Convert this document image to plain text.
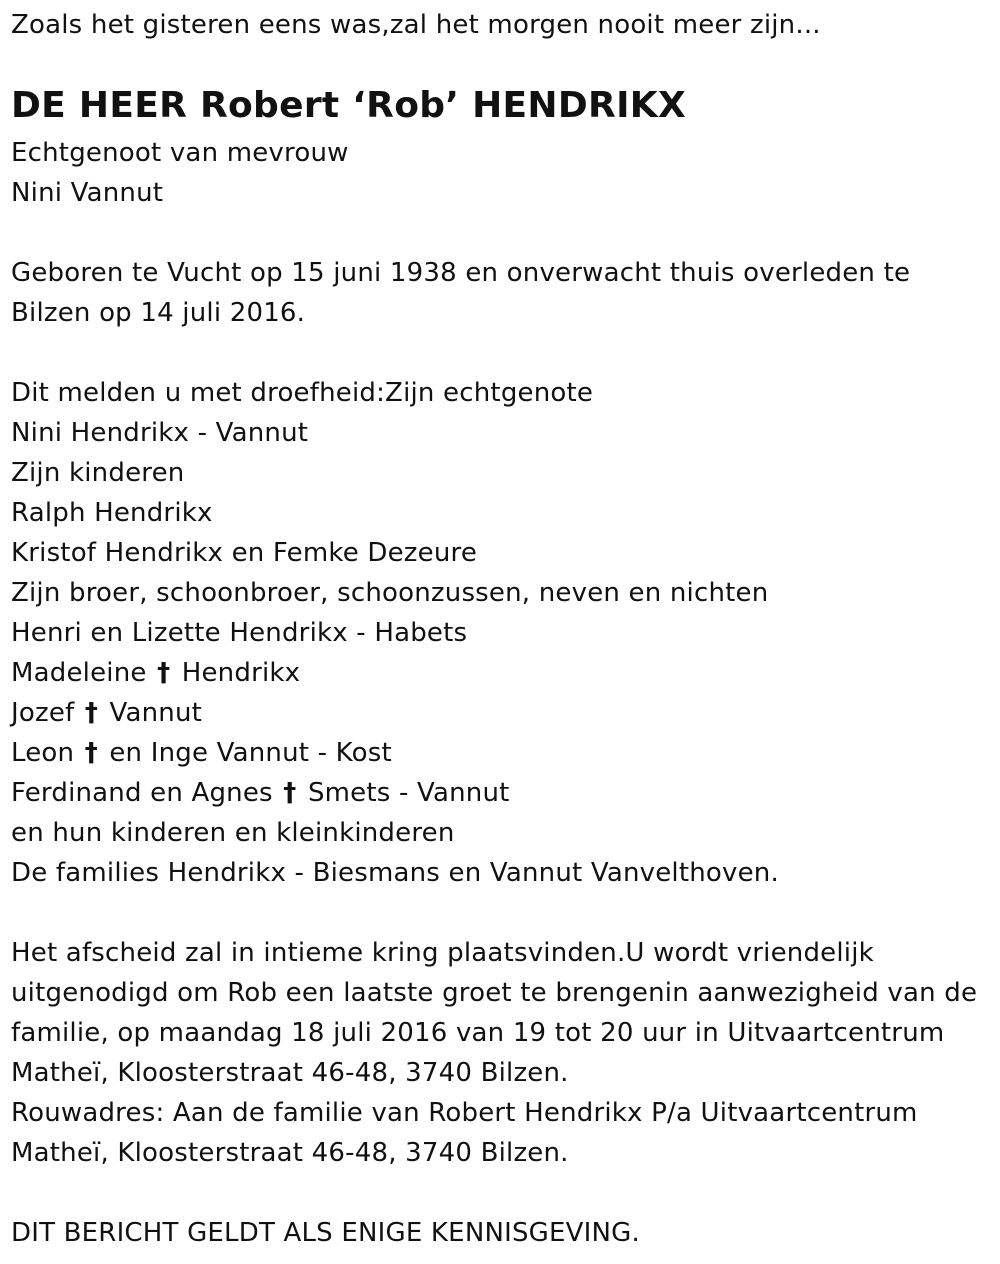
Zoals het gisteren eens was,zal het morgen nooit meer zijn...
DE HEER Robert ‘Rob’ HENDRIKX
Echtgenoot van mevrouw
Nini Vannut
Geboren te Vucht op 15 juni 1938 en onverwacht thuis overleden te
Bilzen op 14 juli 2016.
Dit melden u met droefheid:Zijn echtgenote
Nini Hendrikx - Vannut
Zijn kinderen
Ralph Hendrikx
Kristof Hendrikx en Femke Dezeure
Zijn broer, schoonbroer, schoonzussen, neven en nichten
Henri en Lizette Hendrikx - Habets
Madeleine † Hendrikx
Jozef † Vannut
Leon † en Inge Vannut - Kost
Ferdinand en Agnes † Smets - Vannut
en hun kinderen en kleinkinderen
De families Hendrikx - Biesmans en Vannut Vanvelthoven.
Het afscheid zal in intieme kring plaatsvinden.U wordt vriendelijk
uitgenodigd om Rob een laatste groet te brengenin aanwezigheid van de
familie, op maandag 18 juli 2016 van 19 tot 20 uur in Uitvaartcentrum
Matheï, Kloosterstraat 46-48, 3740 Bilzen.
Rouwadres: Aan de familie van Robert Hendrikx P/a Uitvaartcentrum
Matheï, Kloosterstraat 46-48, 3740 Bilzen.
DIT BERICHT GELDT ALS ENIGE KENNISGEVING.
